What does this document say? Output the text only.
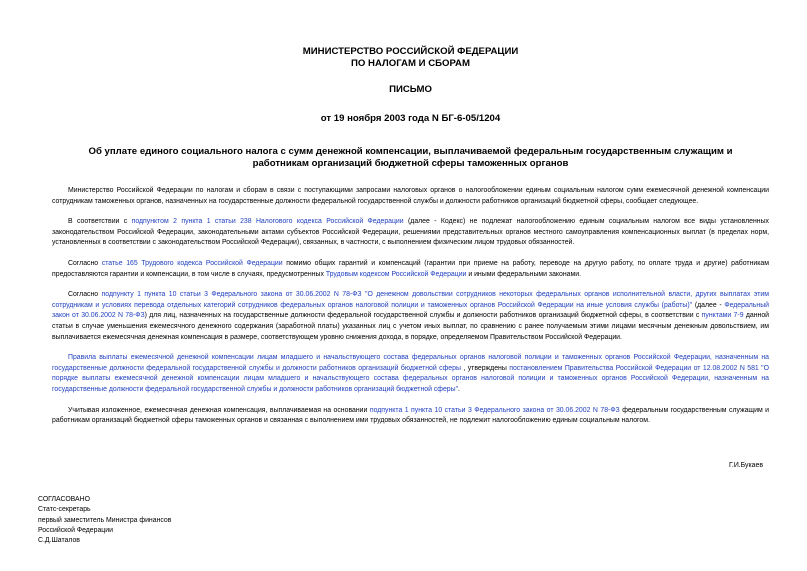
МИНИСТЕРСТВО РОССИЙСКОЙ ФЕДЕРАЦИИ
ПО НАЛОГАМ И СБОРАМ
ПИСЬМО
от 19 ноября 2003 года N БГ-6-05/1204
Об уплате единого социального налога с сумм денежной компенсации, выплачиваемой федеральным государственным служащим и работникам организаций бюджетной сферы таможенных органов

Министерство Российской Федерации по налогам и сборам в связи с поступающими запросами налоговых органов о налогообложении единым социальным налогом сумм ежемесячной денежной компенсации сотрудникам таможенных органов, назначенных на государственные должности федеральной государственной службы и должности работников организаций бюджетной сферы, сообщает следующее.

В соответствии с подпунктом 2 пункта 1 статьи 238 Налогового кодекса Российской Федерации (далее - Кодекс) не подлежат налогообложению единым социальным налогом все виды установленных законодательством Российской Федерации, законодательными актами субъектов Российской Федерации, решениями представительных органов местного самоуправления компенсационных выплат (в пределах норм, установленных в соответствии с законодательством Российской Федерации), связанных, в частности, с выполнением физическим лицом трудовых обязанностей.

Согласно статье 165 Трудового кодекса Российской Федерации помимо общих гарантий и компенсаций (гарантии при приеме на работу, переводе на другую работу, по оплате труда и другие) работникам предоставляются гарантии и компенсации, в том числе в случаях, предусмотренных Трудовым кодексом Российской Федерации и иными федеральными законами.

Согласно подпункту 1 пункта 10 статьи 3 Федерального закона от 30.06.2002 N 78-ФЗ "О денежном довольствии сотрудников некоторых федеральных органов исполнительной власти, других выплатах этим сотрудникам и условиях перевода отдельных категорий сотрудников федеральных органов налоговой полиции и таможенных органов Российской Федерации на иные условия службы (работы)" (далее - Федеральный закон от 30.06.2002 N 78-ФЗ) для лиц, назначенных на государственные должности федеральной государственной службы и должности работников организаций бюджетной сферы, в соответствии с пунктами 7-9 данной статьи в случае уменьшения ежемесячного денежного содержания (заработной платы) указанных лиц с учетом иных выплат, по сравнению с ранее получаемым этими лицами месячным денежным довольствием, им выплачивается ежемесячная денежная компенсация в размере, соответствующем уровню снижения дохода, в порядке, определяемом Правительством Российской Федерации.

Правила выплаты ежемесячной денежной компенсации лицам младшего и начальствующего состава федеральных органов налоговой полиции и таможенных органов Российской Федерации, назначенным на государственные должности федеральной государственной службы и должности работников организаций бюджетной сферы , утверждены постановлением Правительства Российской Федерации от 12.08.2002 N 581 "О порядке выплаты ежемесячной денежной компенсации лицам младшего и начальствующего состава федеральных органов налоговой полиции и таможенных органов Российской Федерации, назначенным на государственные должности федеральной государственной службы и должности работников организаций бюджетной сферы".

Учитывая изложенное, ежемесячная денежная компенсация, выплачиваемая на основании подпункта 1 пункта 10 статьи 3 Федерального закона от 30.06.2002 N 78-ФЗ федеральным государственным служащим и работникам организаций бюджетной сферы таможенных органов и связанная с выполнением ими трудовых обязанностей, не подлежит налогообложению единым социальным налогом.

Г.И.Букаев
СОГЛАСОВАНО
Статс-секретарь
первый заместитель Министра финансов
Российской Федерации
С.Д.Шаталов
